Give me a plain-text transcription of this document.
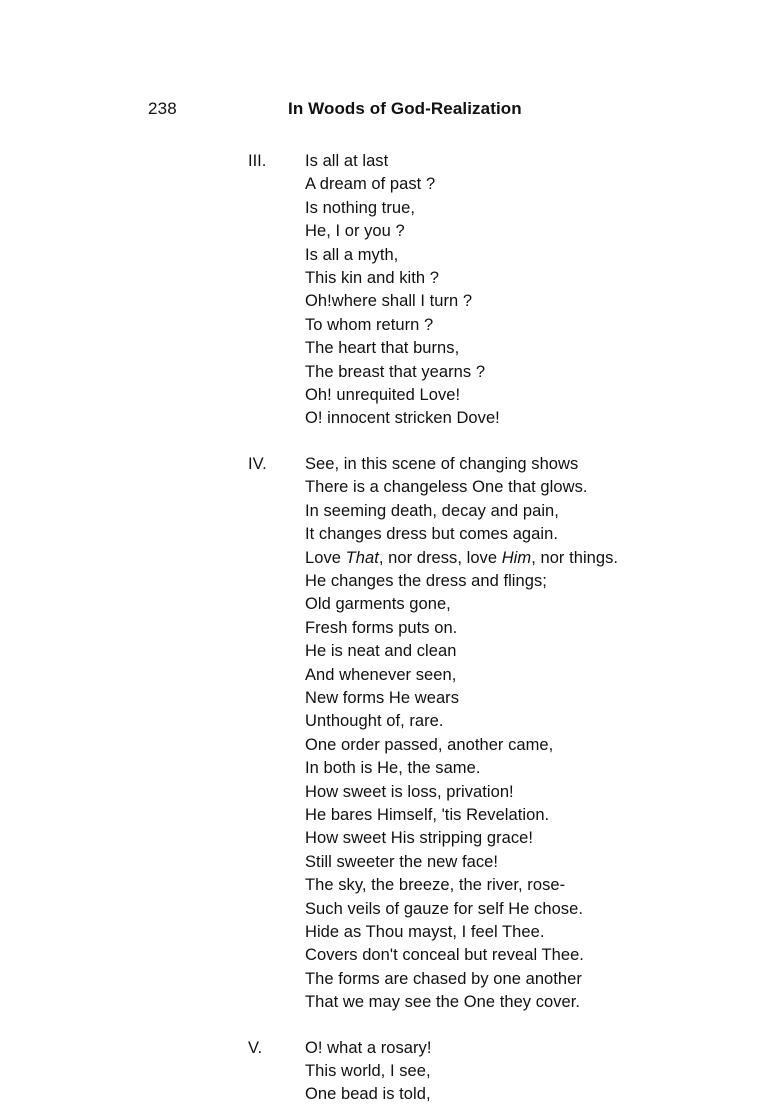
238	In Woods of God-Realization
III.	Is all at last
A dream of past ?
Is nothing true,
He, I or you ?
Is all a myth,
This kin and kith ?
Oh!where shall I turn ?
To whom return ?
The heart that burns,
The breast that yearns ?
Oh! unrequited Love!
O! innocent stricken Dove!
IV.	See, in this scene of changing shows
There is a changeless One that glows.
In seeming death, decay and pain,
It changes dress but comes again.
Love That, nor dress, love Him, nor things.
He changes the dress and flings;
Old garments gone,
Fresh forms puts on.
He is neat and clean
And whenever seen,
New forms He wears
Unthought of, rare.
One order passed, another came,
In both is He, the same.
How sweet is loss, privation!
He bares Himself, 'tis Revelation.
How sweet His stripping grace!
Still sweeter the new face!
The sky, the breeze, the river, rose-
Such veils of gauze for self He chose.
Hide as Thou mayst, I feel Thee.
Covers don't conceal but reveal Thee.
The forms are chased by one another
That we may see the One they cover.
V.	O! what a rosary!
This world, I see,
One bead is told,
